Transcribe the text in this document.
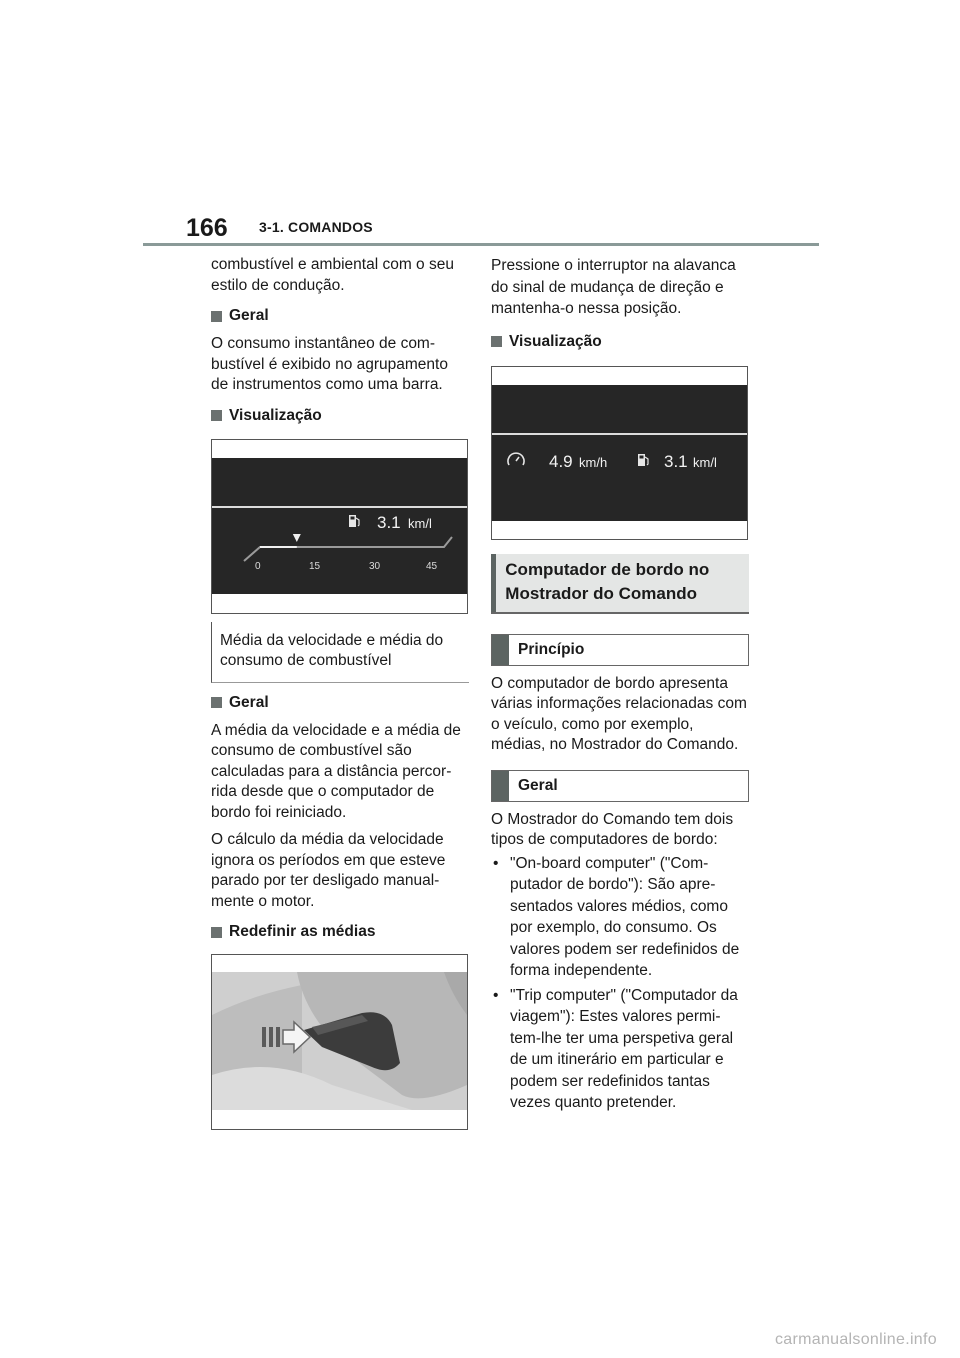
166 3-1. COMANDOS

combustível e ambiental com o seu estilo de condução.

Geral

O consumo instantâneo de com-bustível é exibido no agrupamento de instrumentos como uma barra.

Visualização
3.1 km/l
0	15	30	45
Média da velocidade e média do consumo de combustível
Geral

A média da velocidade e a média de consumo de combustível são calculadas para a distância percor-rida desde que o computador de bordo foi reiniciado.

O cálculo da média da velocidade ignora os períodos em que esteve parado por ter desligado manual-mente o motor.

Redefinir as médias

Pressione o interruptor na alavanca do sinal de mudança de direção e mantenha-o nessa posição.

Visualização
4.9 km/h	3.1 km/l
Computador de bordo no Mostrador do Comando
Princípio

O computador de bordo apresenta várias informações relacionadas com o veículo, como por exemplo, médias, no Mostrador do Comando.

Geral

O Mostrador do Comando tem dois tipos de computadores de bordo:

• "On-board computer" ("Com-putador de bordo"): São apre-sentados valores médios, como por exemplo, do consumo. Os valores podem ser redefinidos de forma independente.
• "Trip computer" ("Computador da viagem"): Estes valores permi-tem-lhe ter uma perspetiva geral de um itinerário em particular e podem ser redefinidos tantas vezes quanto pretender.
carmanualsonline.info
